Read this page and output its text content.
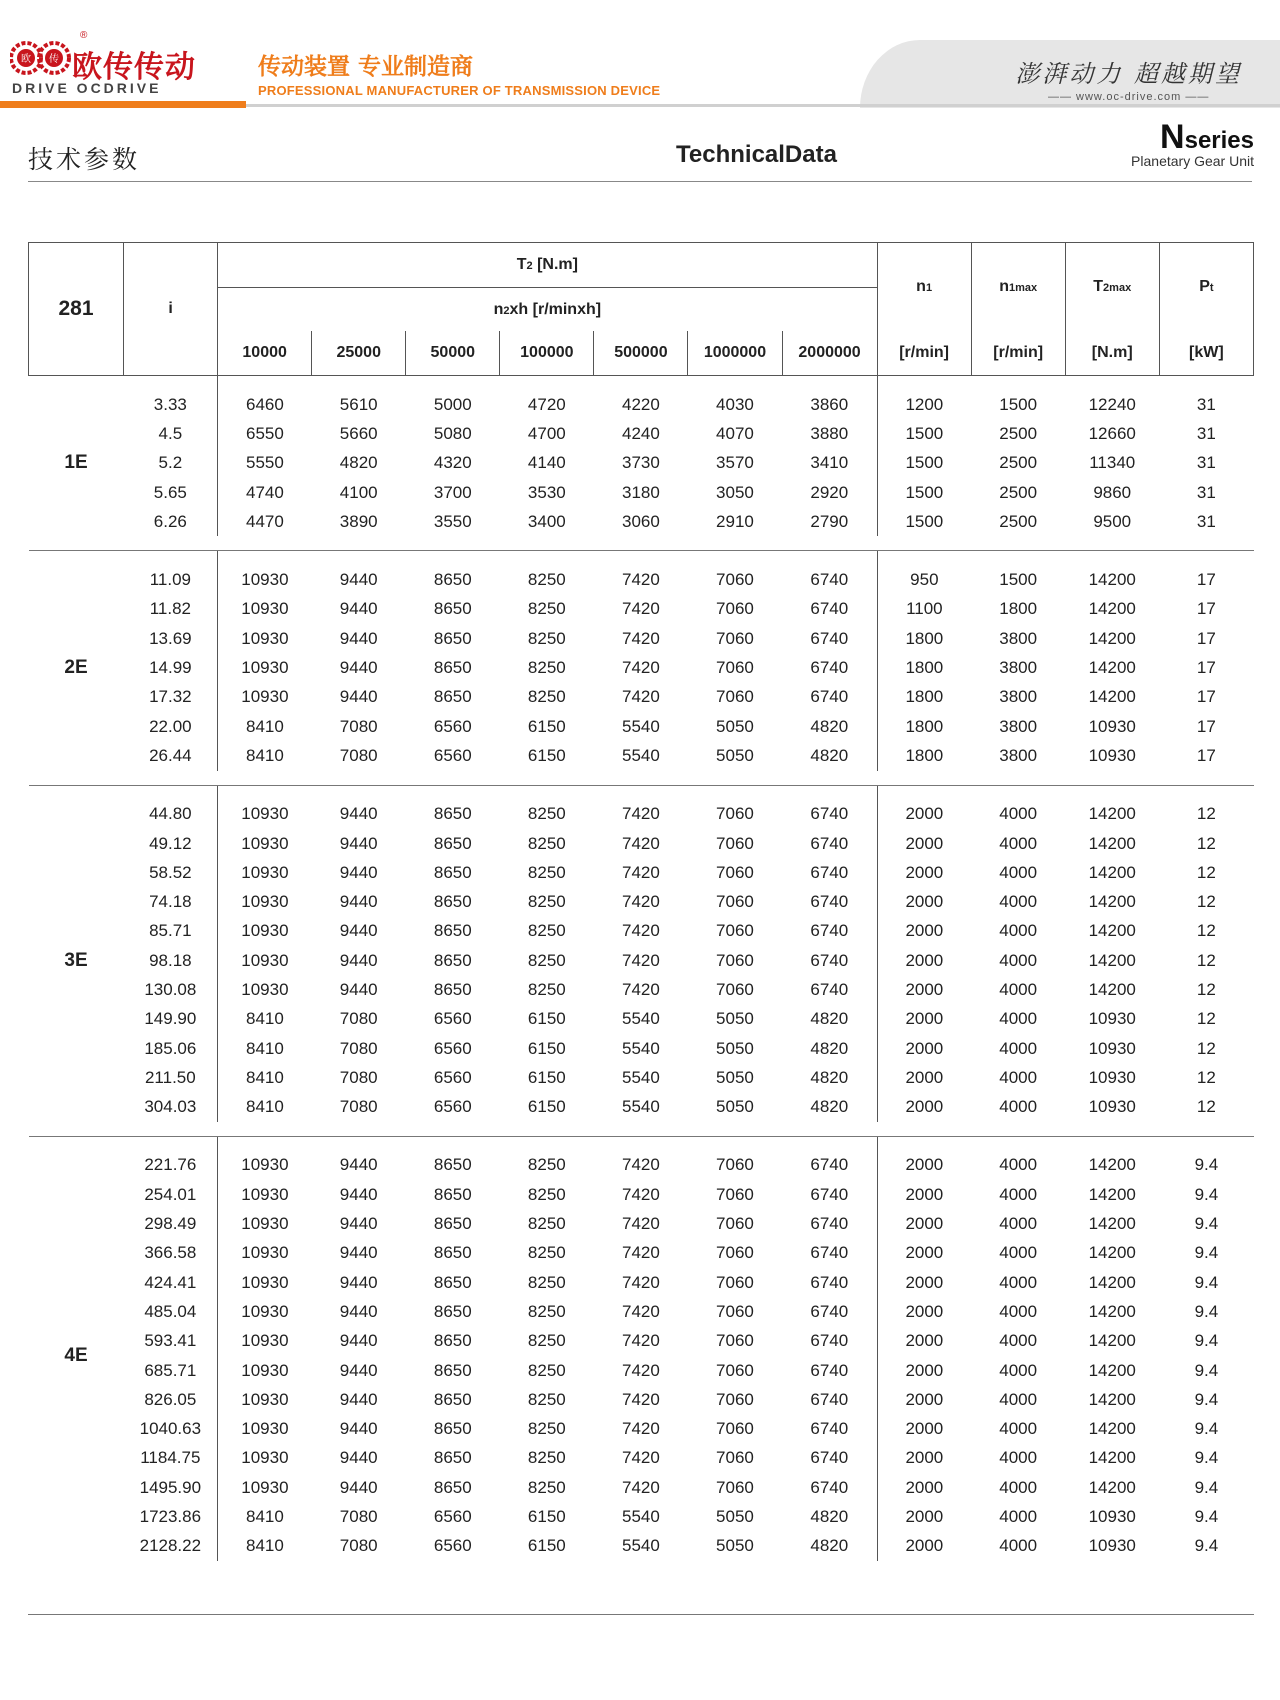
®
欧 传 欧传传动
DRIVE OCDRIVE
传动装置 专业制造商
PROFESSIONAL MANUFACTURER OF TRANSMISSION DEVICE
澎湃动力 超越期望
—— www.oc-drive.com ——
技术参数	TechnicalData	Nseries
Planetary Gear Unit
281	i	T2 [N.m]							n1	n1max	T2max	Pt
		n2xh [r/minxh]										
		10000	25000	50000	100000	500000	1000000	2000000	[r/min]	[r/min]	[N.m]	[kW]

1E	3.33	6460	5610	5000	4720	4220	4030	3860	1200	1500	12240	31
	4.5	6550	5660	5080	4700	4240	4070	3880	1500	2500	12660	31
	5.2	5550	4820	4320	4140	3730	3570	3410	1500	2500	11340	31
	5.65	4740	4100	3700	3530	3180	3050	2920	1500	2500	9860	31
	6.26	4470	3890	3550	3400	3060	2910	2790	1500	2500	9500	31

2E	11.09	10930	9440	8650	8250	7420	7060	6740	950	1500	14200	17
	11.82	10930	9440	8650	8250	7420	7060	6740	1100	1800	14200	17
	13.69	10930	9440	8650	8250	7420	7060	6740	1800	3800	14200	17
	14.99	10930	9440	8650	8250	7420	7060	6740	1800	3800	14200	17
	17.32	10930	9440	8650	8250	7420	7060	6740	1800	3800	14200	17
	22.00	8410	7080	6560	6150	5540	5050	4820	1800	3800	10930	17
	26.44	8410	7080	6560	6150	5540	5050	4820	1800	3800	10930	17

3E	44.80	10930	9440	8650	8250	7420	7060	6740	2000	4000	14200	12
	49.12	10930	9440	8650	8250	7420	7060	6740	2000	4000	14200	12
	58.52	10930	9440	8650	8250	7420	7060	6740	2000	4000	14200	12
	74.18	10930	9440	8650	8250	7420	7060	6740	2000	4000	14200	12
	85.71	10930	9440	8650	8250	7420	7060	6740	2000	4000	14200	12
	98.18	10930	9440	8650	8250	7420	7060	6740	2000	4000	14200	12
	130.08	10930	9440	8650	8250	7420	7060	6740	2000	4000	14200	12
	149.90	8410	7080	6560	6150	5540	5050	4820	2000	4000	10930	12
	185.06	8410	7080	6560	6150	5540	5050	4820	2000	4000	10930	12
	211.50	8410	7080	6560	6150	5540	5050	4820	2000	4000	10930	12
	304.03	8410	7080	6560	6150	5540	5050	4820	2000	4000	10930	12

4E	221.76	10930	9440	8650	8250	7420	7060	6740	2000	4000	14200	9.4
	254.01	10930	9440	8650	8250	7420	7060	6740	2000	4000	14200	9.4
	298.49	10930	9440	8650	8250	7420	7060	6740	2000	4000	14200	9.4
	366.58	10930	9440	8650	8250	7420	7060	6740	2000	4000	14200	9.4
	424.41	10930	9440	8650	8250	7420	7060	6740	2000	4000	14200	9.4
	485.04	10930	9440	8650	8250	7420	7060	6740	2000	4000	14200	9.4
	593.41	10930	9440	8650	8250	7420	7060	6740	2000	4000	14200	9.4
	685.71	10930	9440	8650	8250	7420	7060	6740	2000	4000	14200	9.4
	826.05	10930	9440	8650	8250	7420	7060	6740	2000	4000	14200	9.4
	1040.63	10930	9440	8650	8250	7420	7060	6740	2000	4000	14200	9.4
	1184.75	10930	9440	8650	8250	7420	7060	6740	2000	4000	14200	9.4
	1495.90	10930	9440	8650	8250	7420	7060	6740	2000	4000	14200	9.4
	1723.86	8410	7080	6560	6150	5540	5050	4820	2000	4000	10930	9.4
	2128.22	8410	7080	6560	6150	5540	5050	4820	2000	4000	10930	9.4
